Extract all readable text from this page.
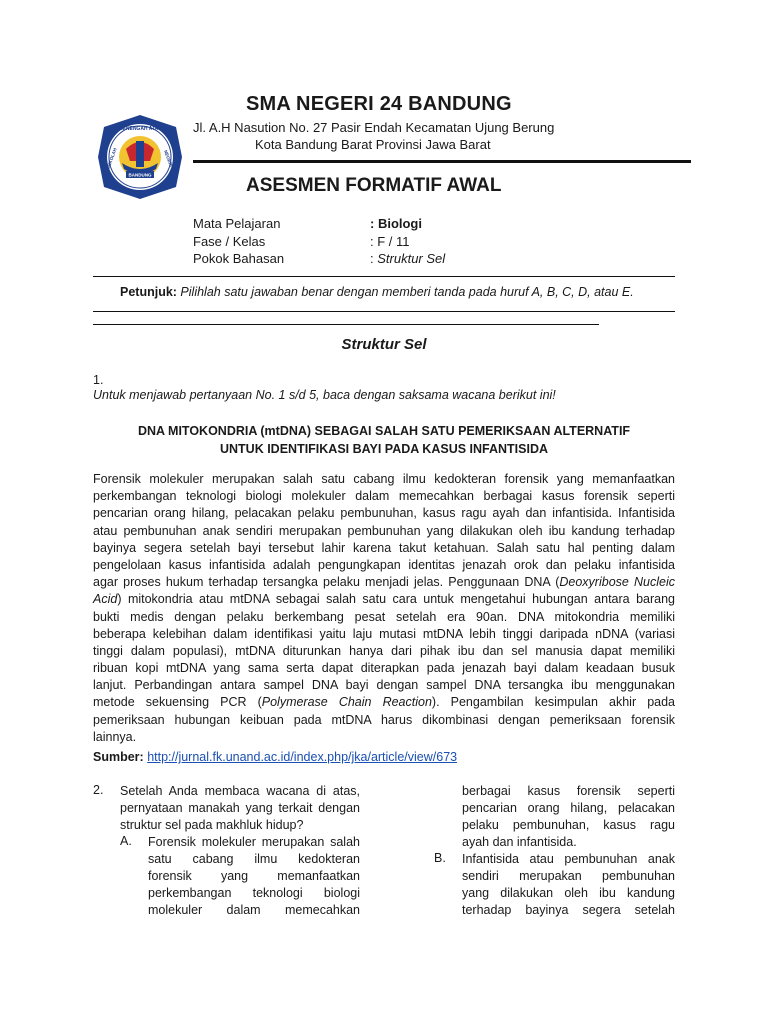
BANDUNG
MENENGAH ATAS
SEKOLAH	NEGERI
SMA NEGERI 24 BANDUNG
Jl. A.H Nasution No. 27 Pasir Endah Kecamatan Ujung Berung
Kota Bandung Barat Provinsi Jawa Barat
ASESMEN FORMATIF AWAL
Mata Pelajaran	: Biologi
Fase / Kelas	: F / 11
Pokok Bahasan	: Struktur Sel
Petunjuk: Pilihlah satu jawaban benar dengan memberi tanda pada huruf A, B, C, D, atau E.
Struktur Sel
1.
Untuk menjawab pertanyaan No. 1 s/d 5, baca dengan saksama wacana berikut ini!
DNA MITOKONDRIA (mtDNA) SEBAGAI SALAH SATU PEMERIKSAAN ALTERNATIF
UNTUK IDENTIFIKASI BAYI PADA KASUS INFANTISIDA
Forensik molekuler merupakan salah satu cabang ilmu kedokteran forensik yang memanfaatkan
perkembangan teknologi biologi molekuler dalam memecahkan berbagai kasus forensik seperti
pencarian orang hilang, pelacakan pelaku pembunuhan, kasus ragu ayah dan infantisida. Infantisida
atau pembunuhan anak sendiri merupakan pembunuhan yang dilakukan oleh ibu kandung terhadap
bayinya segera setelah bayi tersebut lahir karena takut ketahuan. Salah satu hal penting dalam
pengelolaan kasus infantisida adalah pengungkapan identitas jenazah orok dan pelaku infantisida
agar proses hukum terhadap tersangka pelaku menjadi jelas. Penggunaan DNA (Deoxyribose Nucleic
Acid) mitokondria atau mtDNA sebagai salah satu cara untuk mengetahui hubungan antara barang
bukti medis dengan pelaku berkembang pesat setelah era 90an. DNA mitokondria memiliki
beberapa kelebihan dalam identifikasi yaitu laju mutasi mtDNA lebih tinggi daripada nDNA (variasi
tinggi dalam populasi), mtDNA diturunkan hanya dari pihak ibu dan sel manusia dapat memiliki
ribuan kopi mtDNA yang sama serta dapat diterapkan pada jenazah bayi dalam keadaan busuk
lanjut. Perbandingan antara sampel DNA bayi dengan sampel DNA tersangka ibu menggunakan
metode sekuensing PCR (Polymerase Chain Reaction). Pengambilan kesimpulan akhir pada
pemeriksaan hubungan keibuan pada mtDNA harus dikombinasi dengan pemeriksaan forensik
lainnya.
Sumber: http://jurnal.fk.unand.ac.id/index.php/jka/article/view/673
2. Setelah Anda membaca wacana di atas,
pernyataan manakah yang terkait dengan
struktur sel pada makhluk hidup?
A. Forensik molekuler merupakan salah
satu cabang ilmu kedokteran
forensik yang memanfaatkan
perkembangan teknologi biologi
molekuler dalam memecahkan
berbagai kasus forensik seperti
pencarian orang hilang, pelacakan
pelaku pembunuhan, kasus ragu
ayah dan infantisida.
B. Infantisida atau pembunuhan anak
sendiri merupakan pembunuhan
yang dilakukan oleh ibu kandung
terhadap bayinya segera setelah
